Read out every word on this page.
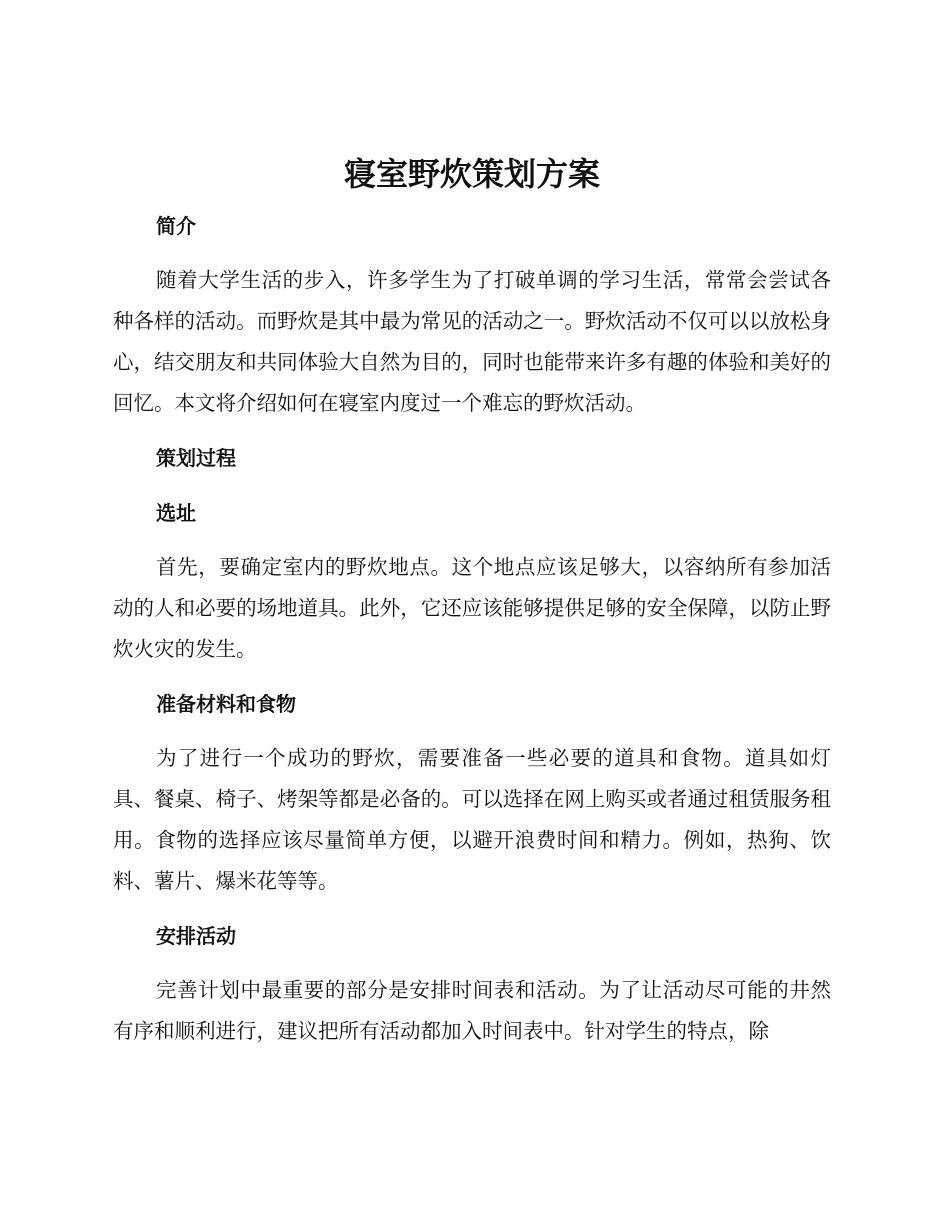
寝室野炊策划方案
简介

随着大学生活的步入，许多学生为了打破单调的学习生活，常常会尝试各种各样的活动。而野炊是其中最为常见的活动之一。野炊活动不仅可以以放松身心，结交朋友和共同体验大自然为目的，同时也能带来许多有趣的体验和美好的回忆。本文将介绍如何在寝室内度过一个难忘的野炊活动。

策划过程
选址

首先，要确定室内的野炊地点。这个地点应该足够大，以容纳所有参加活动的人和必要的场地道具。此外，它还应该能够提供足够的安全保障，以防止野炊火灾的发生。

准备材料和食物

为了进行一个成功的野炊，需要准备一些必要的道具和食物。道具如灯具、餐桌、椅子、烤架等都是必备的。可以选择在网上购买或者通过租赁服务租用。食物的选择应该尽量简单方便，以避开浪费时间和精力。例如，热狗、饮料、薯片、爆米花等等。

安排活动

完善计划中最重要的部分是安排时间表和活动。为了让活动尽可能的井然有序和顺利进行，建议把所有活动都加入时间表中。针对学生的特点，除
